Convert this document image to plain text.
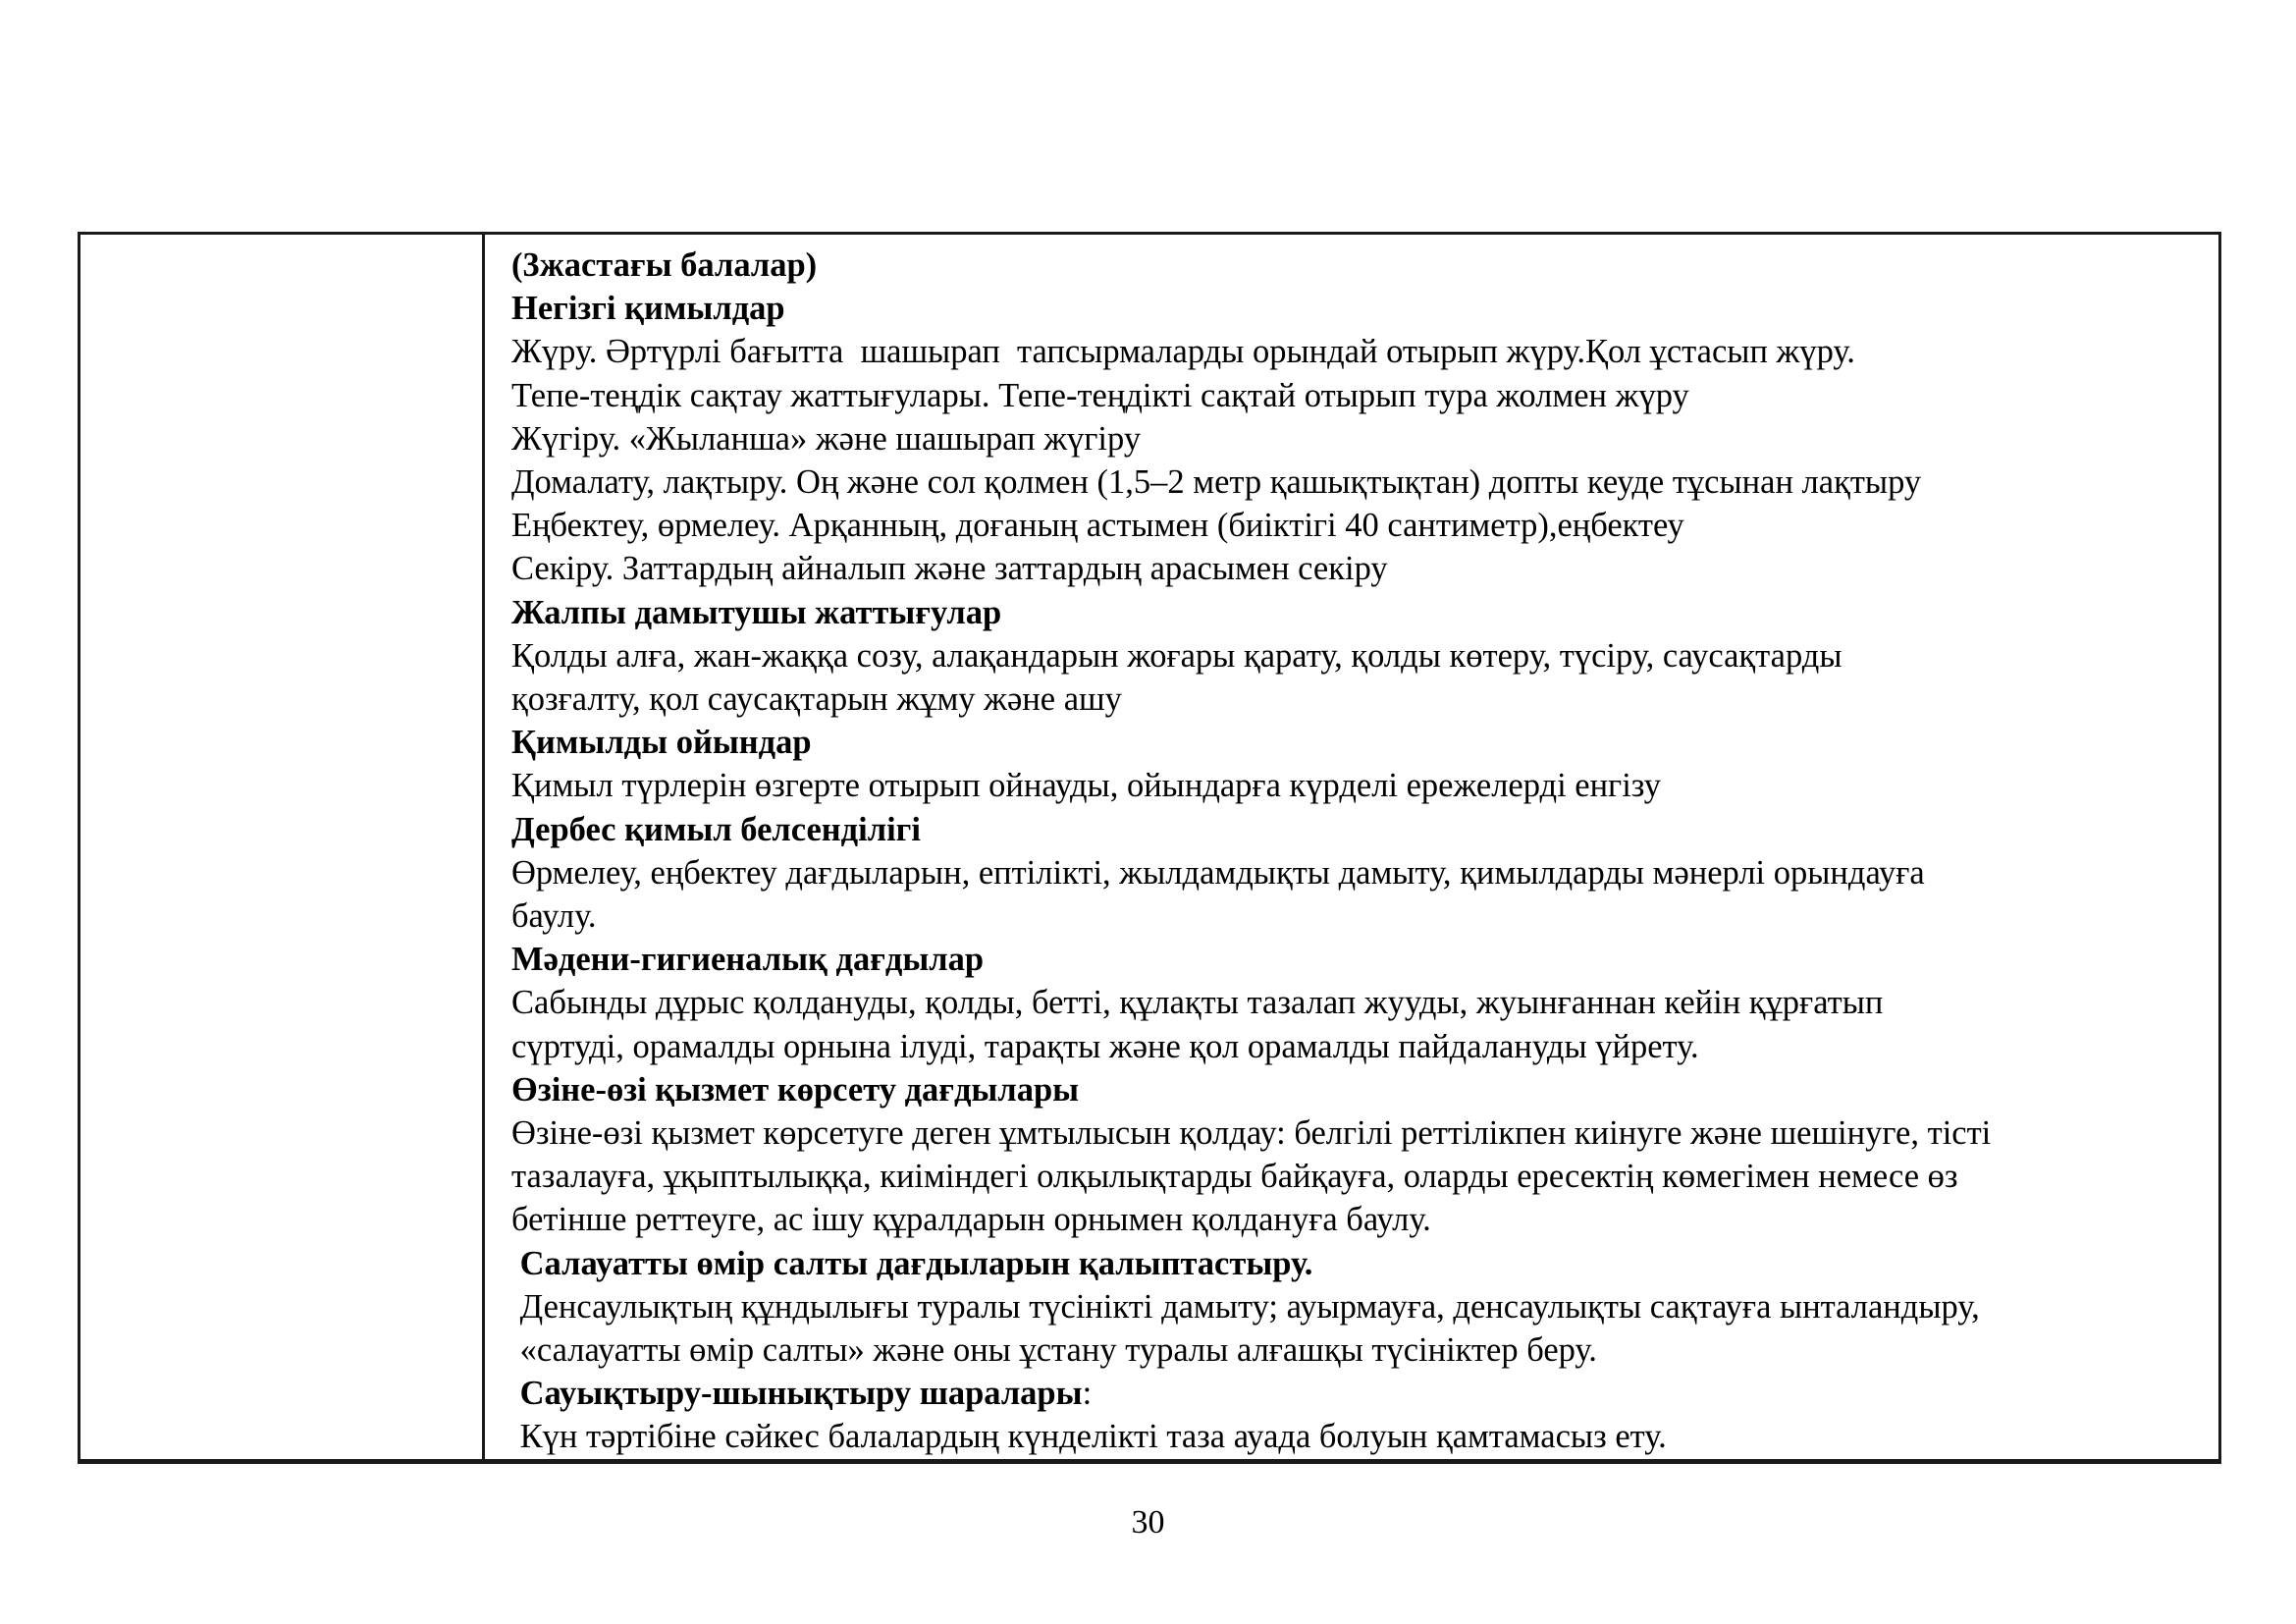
(3жастағы балалар)
Негізгі қимылдар
Жүру. Әртүрлі бағытта  шашырап  тапсырмаларды орындай отырып жүру.Қол ұстасып жүру.
Тепе-теңдік сақтау жаттығулары. Тепе-теңдікті сақтай отырып тура жолмен жүру
Жүгіру. «Жыланша» және шашырап жүгіру
Домалату, лақтыру. Оң және сол қолмен (1,5–2 метр қашықтықтан) допты кеуде тұсынан лақтыру
Еңбектеу, өрмелеу. Арқанның, доғаның астымен (биіктігі 40 сантиметр),еңбектеу
Секіру. Заттардың айналып және заттардың арасымен секіру
Жалпы дамытушы жаттығулар
Қолды алға, жан-жаққа созу, алақандарын жоғары қарату, қолды көтеру, түсіру, саусақтарды
қозғалту, қол саусақтарын жұму және ашу
Қимылды ойындар
Қимыл түрлерін өзгерте отырып ойнауды, ойындарға күрделі ережелерді енгізу
Дербес қимыл белсенділігі
Өрмелеу, еңбектеу дағдыларын, ептілікті, жылдамдықты дамыту, қимылдарды мәнерлі орындауға
баулу.
Мәдени-гигиеналық дағдылар
Сабынды дұрыс қолдануды, қолды, бетті, құлақты тазалап жууды, жуынғаннан кейін құрғатып
сүртуді, орамалды орнына ілуді, тарақты және қол орамалды пайдалануды үйрету.
Өзіне-өзі қызмет көрсету дағдылары
Өзіне-өзі қызмет көрсетуге деген ұмтылысын қолдау: белгілі реттілікпен киінуге және шешінуге, тісті
тазалауға, ұқыптылыққа, киіміндегі олқылықтарды байқауға, оларды ересектің көмегімен немесе өз
бетінше реттеуге, ас ішу құралдарын орнымен қолдануға баулу.
Салауатты өмір салты дағдыларын қалыптастыру.
Денсаулықтың құндылығы туралы түсінікті дамыту; ауырмауға, денсаулықты сақтауға ынталандыру,
«салауатты өмір салты» және оны ұстану туралы алғашқы түсініктер беру.
Сауықтыру-шынықтыру шаралары:
Күн тәртібіне сәйкес балалардың күнделікті таза ауада болуын қамтамасыз ету.
30
